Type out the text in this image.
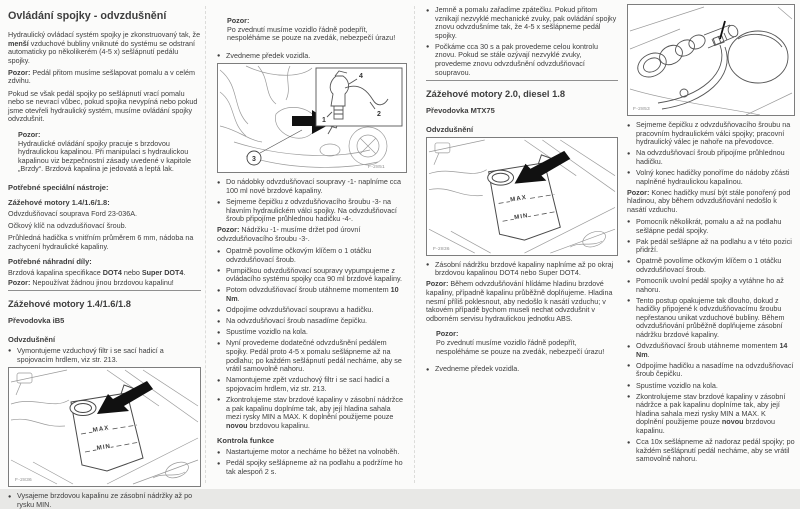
Ovládání spojky - odvzdušnění

Hydraulický ovládací systém spojky je zkonstruovaný tak, že menší vzduchové bubliny vniknuté do systému se odstraní automaticky po několikerém (4-5 x) sešlápnutí pedálu spojky.

Pozor: Pedál přitom musíme sešlapovat pomalu a v celém zdvihu.

Pokud se však pedál spojky po sešlápnutí vrací pomalu nebo se nevrací vůbec, pokud spojka nevypíná nebo pokud jsme otevřeli hydraulický systém, musíme ovládání spojky odvzdušnit.

Pozor:
Hydraulické ovládání spojky pracuje s brzdovou hydraulickou kapalinou. Při manipulaci s hydraulickou kapalinou viz bezpečnostní zásady uvedené v kapitole „Brzdy“. Brzdová kapalina je jedovatá a leptá lak.
Potřebné speciální nástroje:
Zážehové motory 1.4/1.6/1.8:

Odvzdušňovací souprava Ford 23-036A.

Očkový klíč na odvzdušňovací šroub.

Průhledná hadička s vnitřním průměrem 6 mm, nádoba na zachycení hydraulické kapaliny.

Potřebné náhradní díly:

Brzdová kapalina specifikace DOT4 nebo Super DOT4.

Pozor: Nepoužívat žádnou jinou brzdovou kapalinu!

Zážehové motory 1.4/1.6/1.8
Převodovka iB5
Odvzdušnění
● Vymontujeme vzduchový filtr i se sací hadicí a spojovacím hrdlem, viz str. 213.
MAX
MIN
F-2836
● Vysajeme brzdovou kapalinu ze zásobní nádržky až po rysku MIN.
Pozor:
Po zvednutí musíme vozidlo řádně podepřít, nespoléháme se pouze na zvedák, nebezpečí úrazu!
● Zvedneme předek vozidla.
3
4
2
1
F-2851
● Do nádobky odvzdušňovací soupravy -1- naplníme cca 100 ml nové brzdové kapaliny.
● Sejmeme čepičku z odvzdušňovacího šroubu -3- na hlavním hydraulickém válci spojky. Na odvzdušňovací šroub připojíme průhlednou hadičku -4-.

Pozor: Nádržku -1- musíme držet pod úrovní odvzdušňovacího šroubu -3-.

● Opatrně povolíme očkovým klíčem o 1 otáčku odvzdušňovací šroub.
● Pumpičkou odvzdušňovací soupravy vypumpujeme z ovládacího systému spojky cca 90 ml brzdové kapaliny.
● Potom odvzdušňovací šroub utáhneme momentem 10 Nm.
● Odpojíme odvzdušňovací soupravu a hadičku.
● Na odvzdušňovací šroub nasadíme čepičku.
● Spustíme vozidlo na kola.
● Nyní provedeme dodatečné odvzdušnění pedálem spojky. Pedál proto 4-5 x pomalu sešlápneme až na podlahu; po každém sešlápnutí pedál necháme, aby se vrátil samovolně nahoru.
● Namontujeme zpět vzduchový filtr i se sací hadicí a spojovacím hrdlem, viz str. 213.
● Zkontrolujeme stav brzdové kapaliny v zásobní nádržce a pak kapalinu doplníme tak, aby její hladina sahala mezi rysky MIN a MAX. K doplnění použijeme pouze novou brzdovou kapalinu.
Kontrola funkce
● Nastartujeme motor a necháme ho běžet na volnoběh.
● Pedál spojky sešlápneme až na podlahu a podržíme ho tak alespoň 2 s.
● Jemně a pomalu zařadíme zpátečku. Pokud přitom vznikají nezvyklé mechanické zvuky, pak ovládání spojky znovu odvzdušníme tak, že 4-5 x sešlápneme pedál spojky.
● Počkáme cca 30 s a pak provedeme celou kontrolu znovu. Pokud se stále ozývají nezvyklé zvuky, provedeme znovu odvzdušnění odvzdušňovací soupravou.
Zážehové motory 2.0, diesel 1.8
Převodovka MTX75
Odvzdušnění
MAX
MIN
F-2836
● Zásobní nádržku brzdové kapaliny naplníme až po okraj brzdovou kapalinou DOT4 nebo Super DOT4.

Pozor: Během odvzdušňování hlídáme hladinu brzdové kapaliny, případně kapalinu průběžně doplňujeme. Hladina nesmí příliš poklesnout, aby nedošlo k nasátí vzduchu; v takovém případě bychom museli nechat odvzdušnit v odborném servisu hydraulickou jednotku ABS.

Pozor:
Po zvednutí musíme vozidlo řádně podepřít, nespoléháme se pouze na zvedák, nebezpečí úrazu!
● Zvedneme předek vozidla.
F-2853
● Sejmeme čepičku z odvzdušňovacího šroubu na pracovním hydraulickém válci spojky; pracovní hydraulický válec je nahoře na převodovce.
● Na odvzdušňovací šroub připojíme průhlednou hadičku.
● Volný konec hadičky ponoříme do nádoby zčásti naplněné hydraulickou kapalinou.

Pozor: Konec hadičky musí být stále ponořený pod hladinou, aby během odvzdušňování nedošlo k nasátí vzduchu.

● Pomocník několikrát, pomalu a až na podlahu sešlápne pedál spojky.
● Pak pedál sešlápne až na podlahu a v této pozici přidrží.
● Opatrně povolíme očkovým klíčem o 1 otáčku odvzdušňovací šroub.
● Pomocník uvolní pedál spojky a vytáhne ho až nahoru.
● Tento postup opakujeme tak dlouho, dokud z hadičky připojené k odvzdušňovacímu šroubu nepřestanou unikat vzduchové bubliny. Během odvzdušňování průběžně doplňujeme zásobní nádržku brzdové kapaliny.
● Odvzdušňovací šroub utáhneme momentem 14 Nm.
● Odpojíme hadičku a nasadíme na odvzdušňovací šroub čepičku.
● Spustíme vozidlo na kola.
● Zkontrolujeme stav brzdové kapaliny v zásobní nádržce a pak kapalinu doplníme tak, aby její hladina sahala mezi rysky MIN a MAX. K doplnění použijeme pouze novou brzdovou kapalinu.
● Cca 10x sešlápneme až nadoraz pedál spojky; po každém sešlápnutí pedál necháme, aby se vrátil samovolně nahoru.
